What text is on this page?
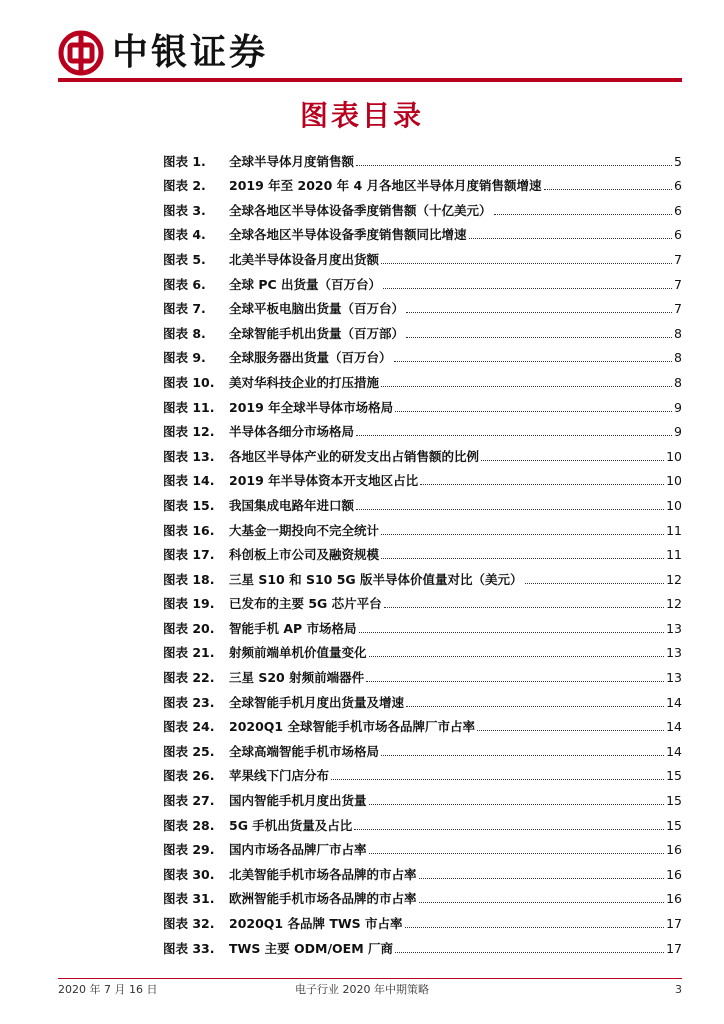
中银证券
图表目录
图表 1.	全球半导体月度销售额	5
图表 2.	2019 年至 2020 年 4 月各地区半导体月度销售额增速	6
图表 3.	全球各地区半导体设备季度销售额（十亿美元）	6
图表 4.	全球各地区半导体设备季度销售额同比增速	6
图表 5.	北美半导体设备月度出货额	7
图表 6.	全球 PC 出货量（百万台）	7
图表 7.	全球平板电脑出货量（百万台）	7
图表 8.	全球智能手机出货量（百万部）	8
图表 9.	全球服务器出货量（百万台）	8
图表 10.	美对华科技企业的打压措施	8
图表 11.	2019 年全球半导体市场格局	9
图表 12.	半导体各细分市场格局	9
图表 13.	各地区半导体产业的研发支出占销售额的比例	10
图表 14.	2019 年半导体资本开支地区占比	10
图表 15.	我国集成电路年进口额	10
图表 16.	大基金一期投向不完全统计	11
图表 17.	科创板上市公司及融资规模	11
图表 18.	三星 S10 和 S10 5G 版半导体价值量对比（美元）	12
图表 19.	已发布的主要 5G 芯片平台	12
图表 20.	智能手机 AP 市场格局	13
图表 21.	射频前端单机价值量变化	13
图表 22.	三星 S20 射频前端器件	13
图表 23.	全球智能手机月度出货量及增速	14
图表 24.	2020Q1 全球智能手机市场各品牌厂市占率	14
图表 25.	全球高端智能手机市场格局	14
图表 26.	苹果线下门店分布	15
图表 27.	国内智能手机月度出货量	15
图表 28.	5G 手机出货量及占比	15
图表 29.	国内市场各品牌厂市占率	16
图表 30.	北美智能手机市场各品牌的市占率	16
图表 31.	欧洲智能手机市场各品牌的市占率	16
图表 32.	2020Q1 各品牌 TWS 市占率	17
图表 33.	TWS 主要 ODM/OEM 厂商	17
2020 年 7 月 16 日	电子行业 2020 年中期策略	3
